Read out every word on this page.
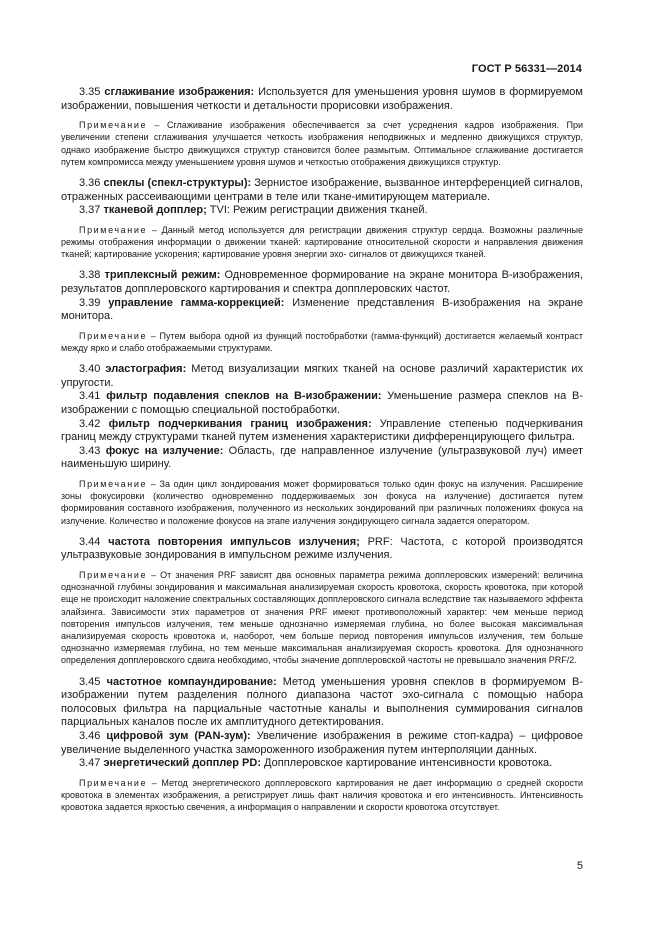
ГОСТ Р 56331—2014

3.35 сглаживание изображения: Используется для уменьшения уровня шумов в формируемом изображении, повышения четкости и детальности прорисовки изображения.

Примечание – Сглаживание изображения обеспечивается за счет усреднения кадров изображения. При увеличении степени сглаживания улучшается четкость изображения неподвижных и медленно движущихся структур, однако изображение быстро движущихся структур становится более размытым. Оптимальное сглаживание достигается путем компромисса между уменьшением уровня шумов и четкостью отображения движущихся структур.

3.36 спеклы (спекл-структуры): Зернистое изображение, вызванное интерференцией сигналов, отраженных рассеивающими центрами в теле или ткане-имитирующем материале.

3.37 тканевой допплер; TVI: Режим регистрации движения тканей.

Примечание – Данный метод используется для регистрации движения структур сердца. Возможны различные режимы отображения информации о движении тканей: картирование относительной скорости и направления движения тканей; картирование ускорения; картирование уровня энергии эхо- сигналов от движущихся тканей.

3.38 триплексный режим: Одновременное формирование на экране монитора B-изображения, результатов допплеровского картирования и спектра допплеровских частот.

3.39 управление гамма-коррекцией: Изменение представления B-изображения на экране монитора.

Примечание – Путем выбора одной из функций постобработки (гамма-функций) достигается желаемый контраст между ярко и слабо отображаемыми структурами.

3.40 эластография: Метод визуализации мягких тканей на основе различий характеристик их упругости.

3.41 фильтр подавления спеклов на B-изображении: Уменьшение размера спеклов на B-изображении с помощью специальной постобработки.

3.42 фильтр подчеркивания границ изображения: Управление степенью подчеркивания границ между структурами тканей путем изменения характеристики дифференцирующего фильтра.

3.43 фокус на излучение: Область, где направленное излучение (ультразвуковой луч) имеет наименьшую ширину.

Примечание – За один цикл зондирования может формироваться только один фокус на излучения. Расширение зоны фокусировки (количество одновременно поддерживаемых зон фокуса на излучение) достигается путем формирования составного изображения, полученного из нескольких зондирований при различных положениях фокуса на излучение. Количество и положение фокусов на этапе излучения зондирующего сигнала задается оператором.

3.44 частота повторения импульсов излучения; PRF: Частота, с которой производятся ультразвуковые зондирования в импульсном режиме излучения.

Примечание – От значения PRF зависят два основных параметра режима допплеровских измерений: величина однозначной глубины зондирования и максимальная анализируемая скорость кровотока, скорость кровотока, при которой еще не происходит наложение спектральных составляющих допплеровского сигнала вследствие так называемого эффекта элайзинга. Зависимости этих параметров от значения PRF имеют противоположный характер: чем меньше период повторения импульсов излучения, тем меньше однозначно измеряемая глубина, но более высокая максимальная анализируемая скорость кровотока и, наоборот, чем больше период повторения импульсов излучения, тем больше однозначно измеряемая глубина, но тем меньше максимальная анализируемая скорость кровотока. Для однозначного определения допплеровского сдвига необходимо, чтобы значение допплеровской частоты не превышало значения PRF/2.

3.45 частотное компаундирование: Метод уменьшения уровня спеклов в формируемом B-изображении путем разделения полного диапазона частот эхо-сигнала с помощью набора полосовых фильтра на парциальные частотные каналы и выполнения суммирования сигналов парциальных каналов после их амплитудного детектирования.

3.46 цифровой зум (PAN-зум): Увеличение изображения в режиме стоп-кадра) – цифровое увеличение выделенного участка замороженного изображения путем интерполяции данных.

3.47 энергетический допплер PD: Допплеровское картирование интенсивности кровотока.

Примечание – Метод энергетического допплеровского картирования не дает информацию о средней скорости кровотока в элементах изображения, а регистрирует лишь факт наличия кровотока и его интенсивность. Интенсивность кровотока задается яркостью свечения, а информация о направлении и скорости кровотока отсутствует.

5
